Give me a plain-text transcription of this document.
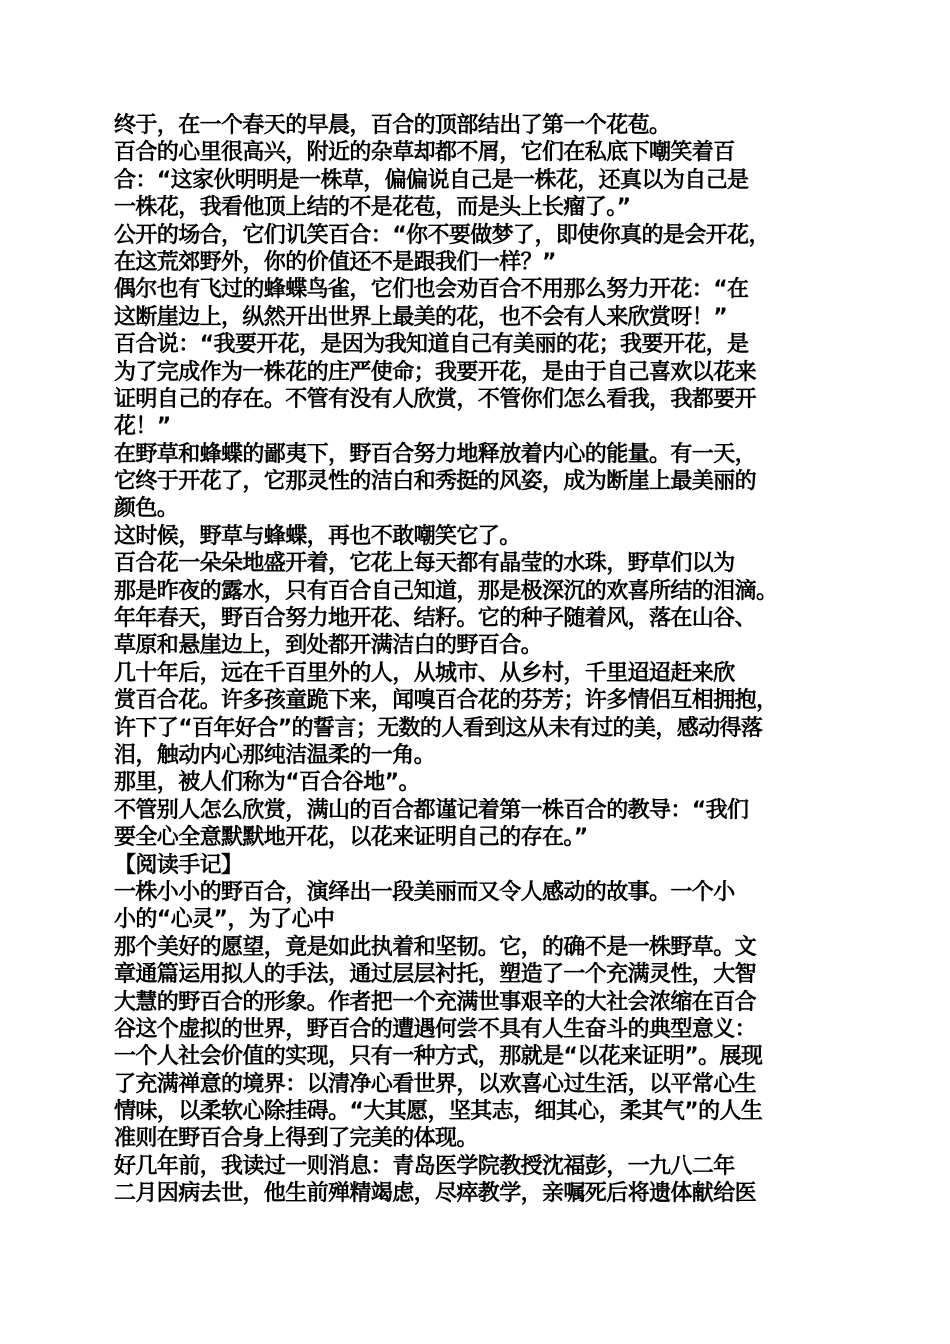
终于，在一个春天的早晨，百合的顶部结出了第一个花苞。
百合的心里很高兴，附近的杂草却都不屑，它们在私底下嘲笑着百
合：“这家伙明明是一株草，偏偏说自己是一株花，还真以为自己是
一株花，我看他顶上结的不是花苞，而是头上长瘤了。”
公开的场合，它们讥笑百合：“你不要做梦了，即使你真的是会开花，
在这荒郊野外，你的价值还不是跟我们一样？”
偶尔也有飞过的蜂蝶鸟雀，它们也会劝百合不用那么努力开花：“在
这断崖边上，纵然开出世界上最美的花，也不会有人来欣赏呀！”
百合说：“我要开花，是因为我知道自己有美丽的花；我要开花，是
为了完成作为一株花的庄严使命；我要开花，是由于自己喜欢以花来
证明自己的存在。不管有没有人欣赏，不管你们怎么看我，我都要开
花！”
在野草和蜂蝶的鄙夷下，野百合努力地释放着内心的能量。有一天，
它终于开花了，它那灵性的洁白和秀挺的风姿，成为断崖上最美丽的
颜色。
这时候，野草与蜂蝶，再也不敢嘲笑它了。
百合花一朵朵地盛开着，它花上每天都有晶莹的水珠，野草们以为
那是昨夜的露水，只有百合自己知道，那是极深沉的欢喜所结的泪滴。
年年春天，野百合努力地开花、结籽。它的种子随着风，落在山谷、
草原和悬崖边上，到处都开满洁白的野百合。
几十年后，远在千百里外的人，从城市、从乡村，千里迢迢赶来欣
赏百合花。许多孩童跪下来，闻嗅百合花的芬芳；许多情侣互相拥抱，
许下了“百年好合”的誓言；无数的人看到这从未有过的美，感动得落
泪，触动内心那纯洁温柔的一角。
那里，被人们称为“百合谷地”。
不管别人怎么欣赏，满山的百合都谨记着第一株百合的教导：“我们
要全心全意默默地开花，以花来证明自己的存在。”
【阅读手记】
一株小小的野百合，演绎出一段美丽而又令人感动的故事。一个小
小的“心灵”，为了心中
那个美好的愿望，竟是如此执着和坚韧。它，的确不是一株野草。文
章通篇运用拟人的手法，通过层层衬托，塑造了一个充满灵性，大智
大慧的野百合的形象。作者把一个充满世事艰辛的大社会浓缩在百合
谷这个虚拟的世界，野百合的遭遇何尝不具有人生奋斗的典型意义：
一个人社会价值的实现，只有一种方式，那就是“以花来证明”。展现
了充满禅意的境界：以清净心看世界，以欢喜心过生活，以平常心生
情味，以柔软心除挂碍。“大其愿，坚其志，细其心，柔其气”的人生
准则在野百合身上得到了完美的体现。
好几年前，我读过一则消息：青岛医学院教授沈福彭，一九八二年
二月因病去世，他生前殚精竭虑，尽瘁教学，亲嘱死后将遗体献给医
